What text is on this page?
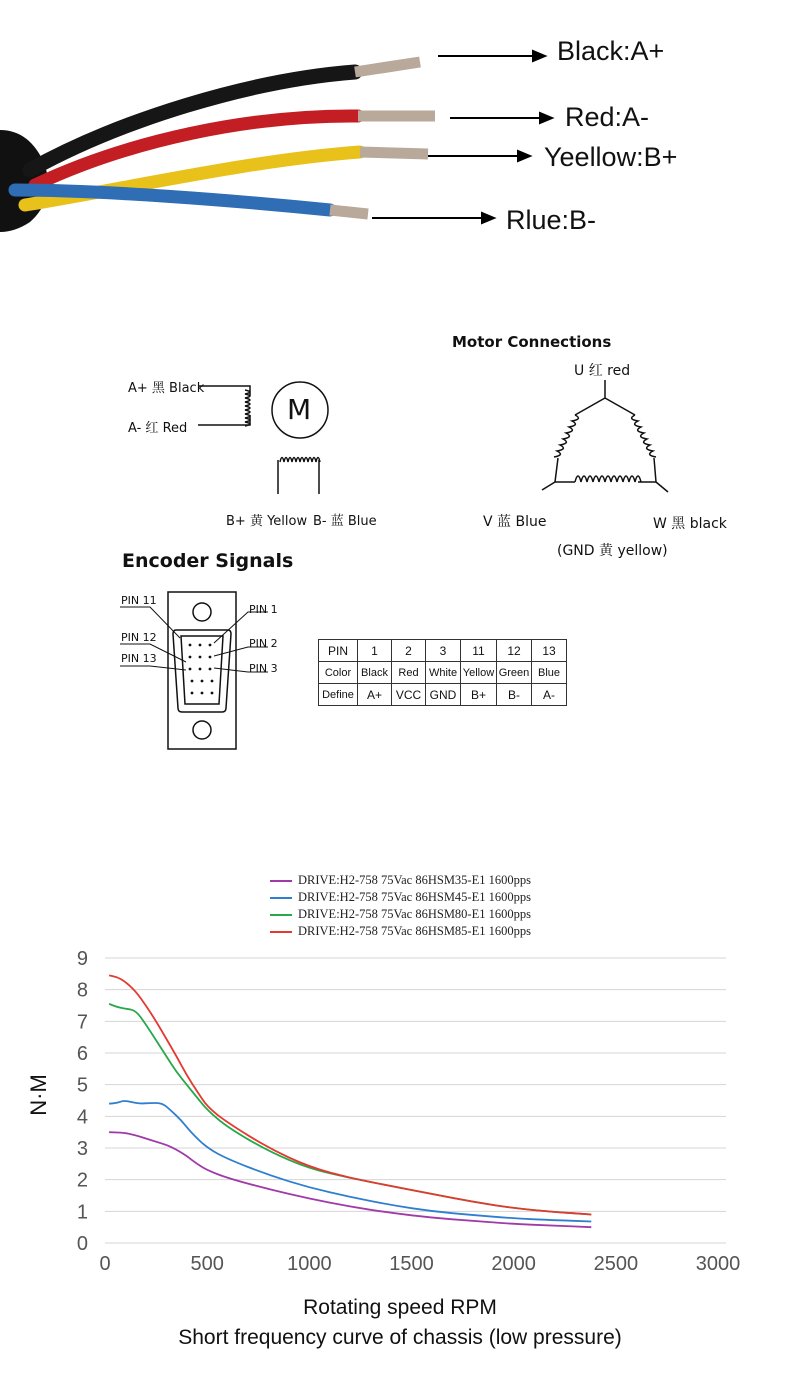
Black:A+
Red:A-
Yeellow:B+
Rlue:B-
M
A+ 黑 Black
A- 红 Red
B+ 黄 Yellow B- 蓝 Blue
Motor Connections
U 红 red
V 蓝 Blue	W 黑 black
(GND 黄 yellow)
Encoder Signals
PIN 11
PIN 12
PIN 13
PIN 1
PIN 2
PIN 3
PIN	1	2	3	11	12	13
Color	Black	Red	White	Yellow	Green	Blue
Define	A+	VCC	GND	B+	B-	A-
DRIVE:H2-758 75Vac 86HSM35-E1 1600pps
DRIVE:H2-758 75Vac 86HSM45-E1 1600pps
DRIVE:H2-758 75Vac 86HSM80-E1 1600pps
DRIVE:H2-758 75Vac 86HSM85-E1 1600pps
0
1
2
3
4
5
6
7
8
9
0	500	1000	1500	2000	2500	3000
N·M
Rotating speed RPM
Short frequency curve of chassis (low pressure)
